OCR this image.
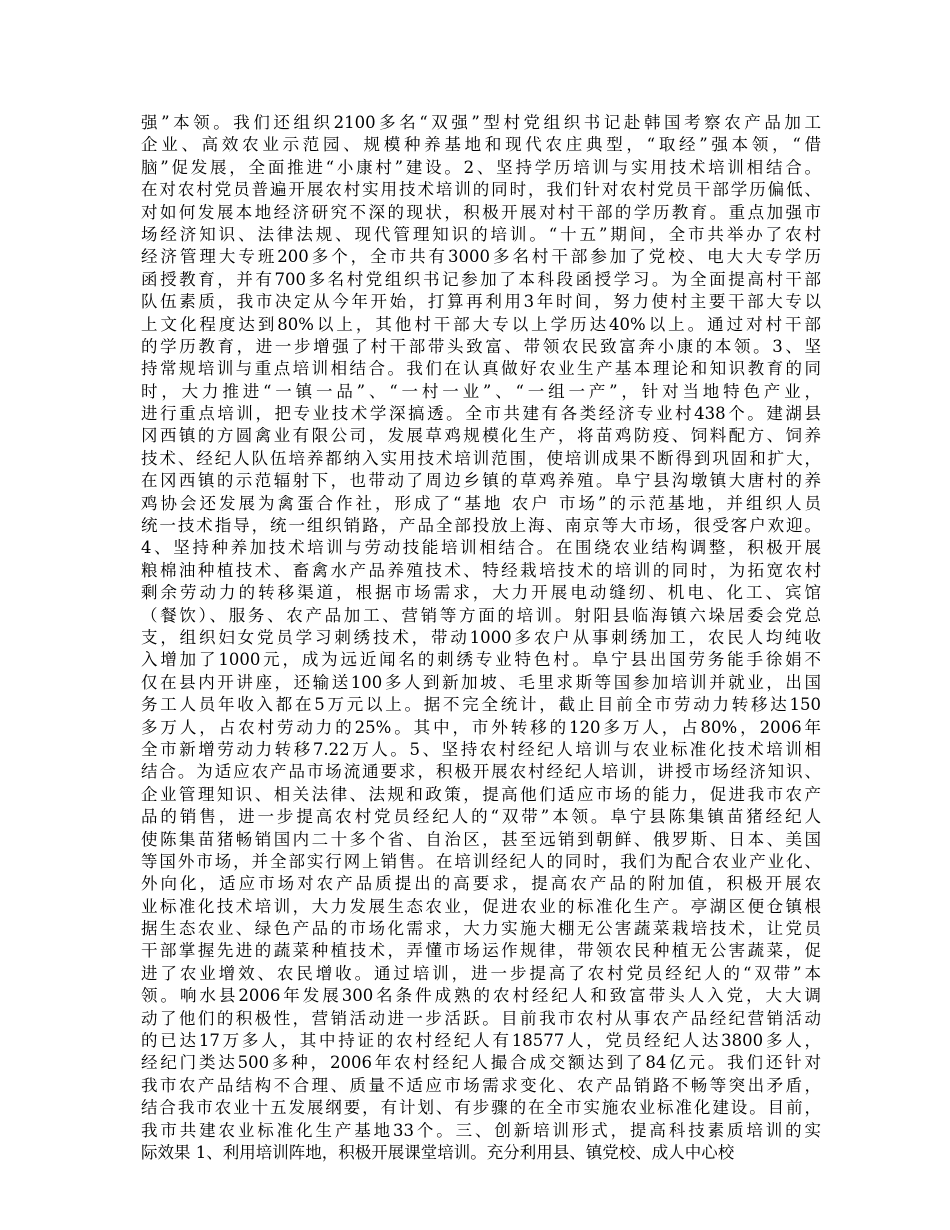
强”本领。我们还组织2100多名“双强”型村党组织书记赴韩国考察农产品加工
企业、高效农业示范园、规模种养基地和现代农庄典型，“取经”强本领，“借
脑”促发展，全面推进“小康村”建设。2、坚持学历培训与实用技术培训相结合。
在对农村党员普遍开展农村实用技术培训的同时，我们针对农村党员干部学历偏低、
对如何发展本地经济研究不深的现状，积极开展对村干部的学历教育。重点加强市
场经济知识、法律法规、现代管理知识的培训。“十五”期间，全市共举办了农村
经济管理大专班200多个，全市共有3000多名村干部参加了党校、电大大专学历
函授教育，并有700多名村党组织书记参加了本科段函授学习。为全面提高村干部
队伍素质，我市决定从今年开始，打算再利用3年时间，努力使村主要干部大专以
上文化程度达到80%以上，其他村干部大专以上学历达40%以上。通过对村干部
的学历教育，进一步增强了村干部带头致富、带领农民致富奔小康的本领。3、坚
持常规培训与重点培训相结合。我们在认真做好农业生产基本理论和知识教育的同
时，大力推进“一镇一品”、“一村一业”、“一组一产”，针对当地特色产业，
进行重点培训，把专业技术学深搞透。全市共建有各类经济专业村438个。建湖县
冈西镇的方圆禽业有限公司，发展草鸡规模化生产，将苗鸡防疫、饲料配方、饲养
技术、经纪人队伍培养都纳入实用技术培训范围，使培训成果不断得到巩固和扩大，
在冈西镇的示范辐射下，也带动了周边乡镇的草鸡养殖。阜宁县沟墩镇大唐村的养
鸡协会还发展为禽蛋合作社，形成了“基地 农户 市场”的示范基地，并组织人员
统一技术指导，统一组织销路，产品全部投放上海、南京等大市场，很受客户欢迎。
4、坚持种养加技术培训与劳动技能培训相结合。在围绕农业结构调整，积极开展
粮棉油种植技术、畜禽水产品养殖技术、特经栽培技术的培训的同时，为拓宽农村
剩余劳动力的转移渠道，根据市场需求，大力开展电动缝纫、机电、化工、宾馆
（餐饮）、服务、农产品加工、营销等方面的培训。射阳县临海镇六垛居委会党总
支，组织妇女党员学习刺绣技术，带动1000多农户从事刺绣加工，农民人均纯收
入增加了1000元，成为远近闻名的刺绣专业特色村。阜宁县出国劳务能手徐娟不
仅在县内开讲座，还输送100多人到新加坡、毛里求斯等国参加培训并就业，出国
务工人员年收入都在5万元以上。据不完全统计，截止目前全市劳动力转移达150
多万人，占农村劳动力的25%。其中，市外转移的120多万人，占80%，2006年
全市新增劳动力转移7.22万人。5、坚持农村经纪人培训与农业标准化技术培训相
结合。为适应农产品市场流通要求，积极开展农村经纪人培训，讲授市场经济知识、
企业管理知识、相关法律、法规和政策，提高他们适应市场的能力，促进我市农产
品的销售，进一步提高农村党员经纪人的“双带”本领。阜宁县陈集镇苗猪经纪人
使陈集苗猪畅销国内二十多个省、自治区，甚至远销到朝鲜、俄罗斯、日本、美国
等国外市场，并全部实行网上销售。在培训经纪人的同时，我们为配合农业产业化、
外向化，适应市场对农产品质提出的高要求，提高农产品的附加值，积极开展农
业标准化技术培训，大力发展生态农业，促进农业的标准化生产。亭湖区便仓镇根
据生态农业、绿色产品的市场化需求，大力实施大棚无公害蔬菜栽培技术，让党员
干部掌握先进的蔬菜种植技术，弄懂市场运作规律，带领农民种植无公害蔬菜，促
进了农业增效、农民增收。通过培训，进一步提高了农村党员经纪人的“双带”本
领。响水县2006年发展300名条件成熟的农村经纪人和致富带头人入党，大大调
动了他们的积极性，营销活动进一步活跃。目前我市农村从事农产品经纪营销活动
的已达17万多人，其中持证的农村经纪人有18577人，党员经纪人达3800多人，
经纪门类达500多种，2006年农村经纪人撮合成交额达到了84亿元。我们还针对
我市农产品结构不合理、质量不适应市场需求变化、农产品销路不畅等突出矛盾，
结合我市农业十五发展纲要，有计划、有步骤的在全市实施农业标准化建设。目前，
我市共建农业标准化生产基地33个。三、创新培训形式，提高科技素质培训的实
际效果 1、利用培训阵地，积极开展课堂培训。充分利用县、镇党校、成人中心校
